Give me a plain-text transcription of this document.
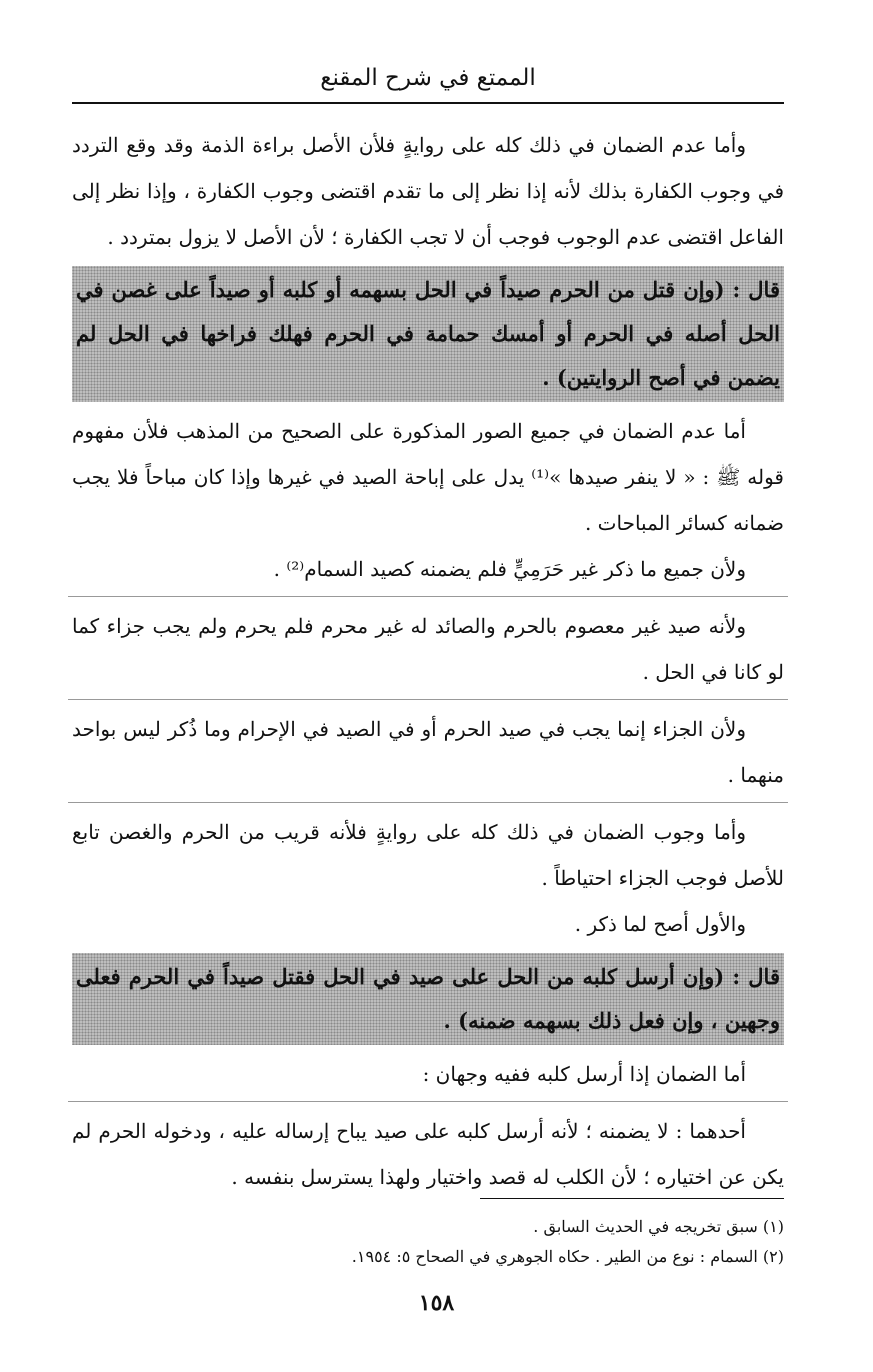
الممتع في شرح المقنع

وأما عدم الضمان في ذلك كله على روايةٍ فلأن الأصل براءة الذمة وقد وقع التردد في وجوب الكفارة بذلك لأنه إذا نظر إلى ما تقدم اقتضى وجوب الكفارة ، وإذا نظر إلى الفاعل اقتضى عدم الوجوب فوجب أن لا تجب الكفارة ؛ لأن الأصل لا يزول بمتردد .

قال : (وإن قتل من الحرم صيداً في الحل بسهمه أو كلبه أو صيداً على غصن في الحل أصله في الحرم أو أمسك حمامة في الحرم فهلك فراخها في الحل لم يضمن في أصح الروايتين) .

أما عدم الضمان في جميع الصور المذكورة على الصحيح من المذهب فلأن مفهوم قوله ﷺ : « لا ينفر صيدها »⁽¹⁾ يدل على إباحة الصيد في غيرها وإذا كان مباحاً فلا يجب ضمانه كسائر المباحات .

ولأن جميع ما ذكر غير حَرَمِيٍّ فلم يضمنه كصيد السمام⁽²⁾ .

ولأنه صيد غير معصوم بالحرم والصائد له غير محرم فلم يحرم ولم يجب جزاء كما لو كانا في الحل .

ولأن الجزاء إنما يجب في صيد الحرم أو في الصيد في الإحرام وما ذُكر ليس بواحد منهما .

وأما وجوب الضمان في ذلك كله على روايةٍ فلأنه قريب من الحرم والغصن تابع للأصل فوجب الجزاء احتياطاً .

والأول أصح لما ذكر .

قال : (وإن أرسل كلبه من الحل على صيد في الحل فقتل صيداً في الحرم فعلى وجهين ، وإن فعل ذلك بسهمه ضمنه) .

أما الضمان إذا أرسل كلبه ففيه وجهان :

أحدهما : لا يضمنه ؛ لأنه أرسل كلبه على صيد يباح إرساله عليه ، ودخوله الحرم لم يكن عن اختياره ؛ لأن الكلب له قصد واختيار ولهذا يسترسل بنفسه .

(١) سبق تخريجه في الحديث السابق .

(٢) السمام : نوع من الطير . حكاه الجوهري في الصحاح ٥: ١٩٥٤.

١٥٨
